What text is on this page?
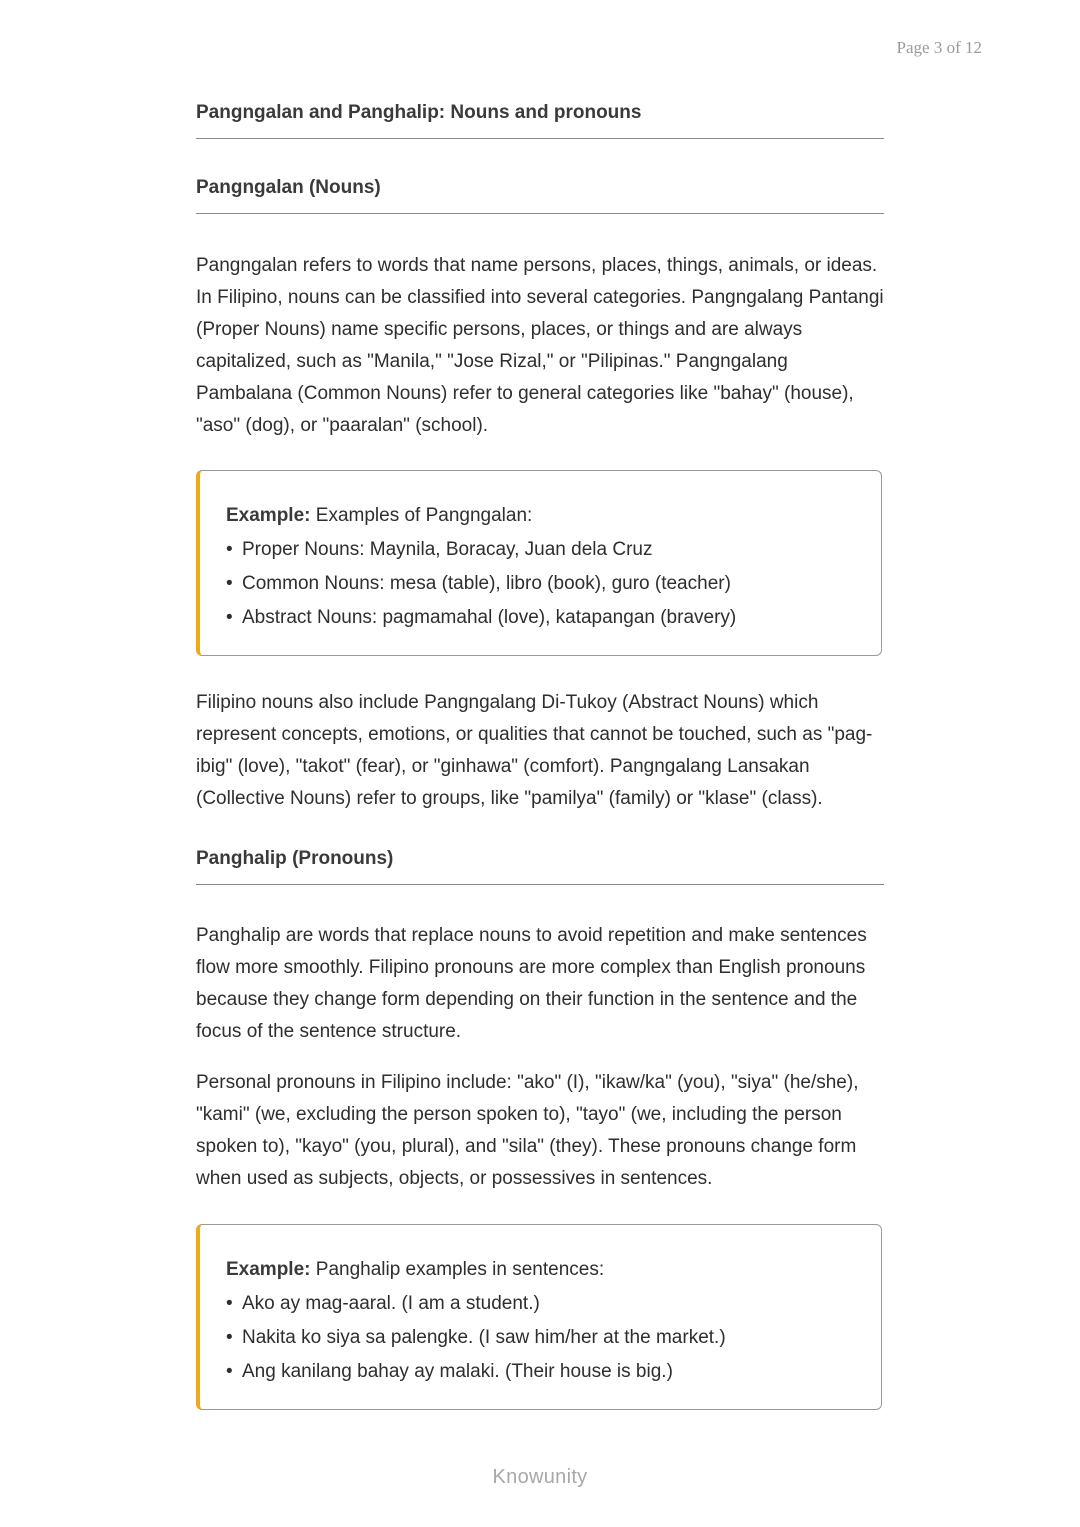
Page 3 of 12
Pangngalan and Panghalip: Nouns and pronouns
Pangngalan (Nouns)

Pangngalan refers to words that name persons, places, things, animals, or ideas. In Filipino, nouns can be classified into several categories. Pangngalang Pantangi (Proper Nouns) name specific persons, places, or things and are always capitalized, such as "Manila," "Jose Rizal," or "Pilipinas." Pangngalang Pambalana (Common Nouns) refer to general categories like "bahay" (house), "aso" (dog), or "paaralan" (school).

Example: Examples of Pangngalan:
• Proper Nouns: Maynila, Boracay, Juan dela Cruz
• Common Nouns: mesa (table), libro (book), guro (teacher)
• Abstract Nouns: pagmamahal (love), katapangan (bravery)

Filipino nouns also include Pangngalang Di-Tukoy (Abstract Nouns) which represent concepts, emotions, or qualities that cannot be touched, such as "pag-ibig" (love), "takot" (fear), or "ginhawa" (comfort). Pangngalang Lansakan (Collective Nouns) refer to groups, like "pamilya" (family) or "klase" (class).

Panghalip (Pronouns)

Panghalip are words that replace nouns to avoid repetition and make sentences flow more smoothly. Filipino pronouns are more complex than English pronouns because they change form depending on their function in the sentence and the focus of the sentence structure.

Personal pronouns in Filipino include: "ako" (I), "ikaw/ka" (you), "siya" (he/she), "kami" (we, excluding the person spoken to), "tayo" (we, including the person spoken to), "kayo" (you, plural), and "sila" (they). These pronouns change form when used as subjects, objects, or possessives in sentences.

Example: Panghalip examples in sentences:
• Ako ay mag-aaral. (I am a student.)
• Nakita ko siya sa palengke. (I saw him/her at the market.)
• Ang kanilang bahay ay malaki. (Their house is big.)
Knowunity
